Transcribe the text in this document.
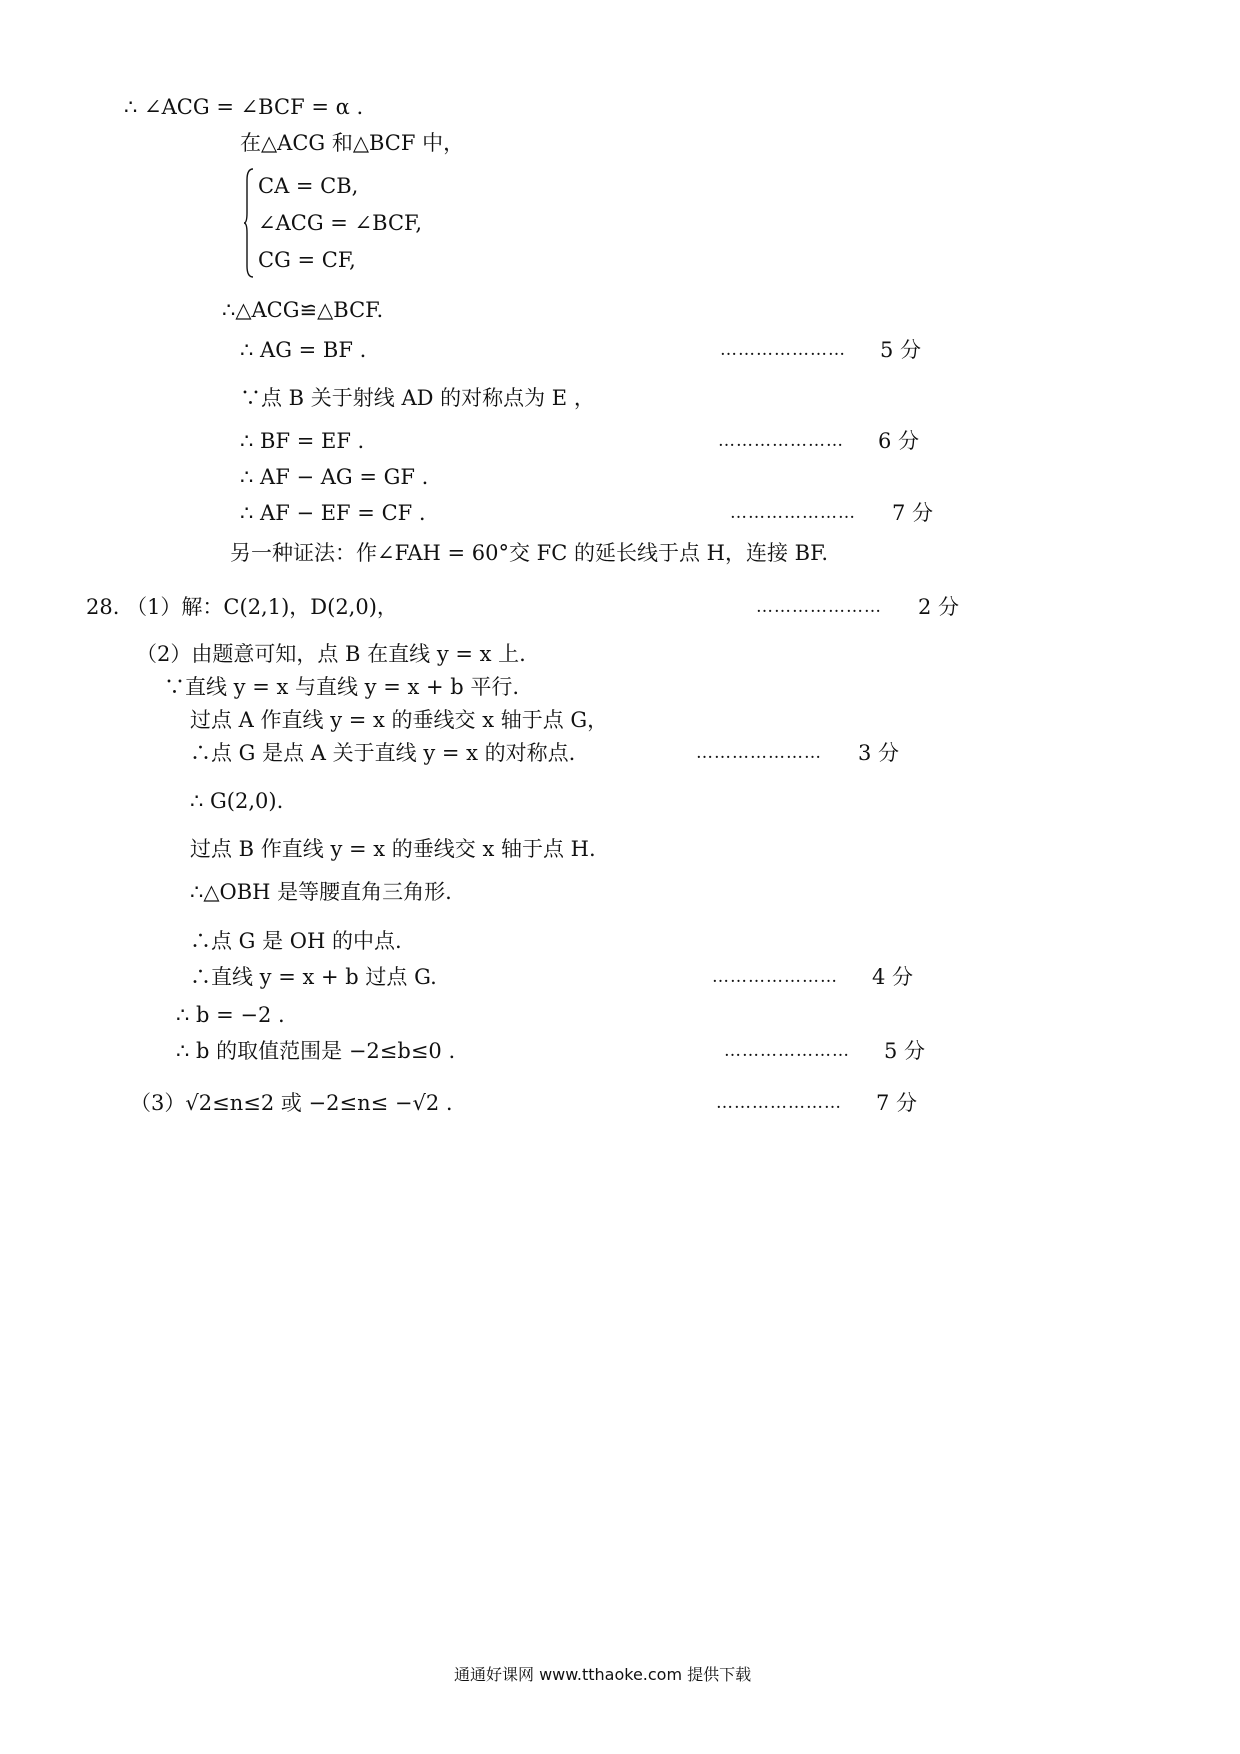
∴ ∠ACG = ∠BCF = α .
在△ACG 和△BCF 中，
CA = CB,
∠ACG = ∠BCF,
CG = CF,
∴△ACG≌△BCF.
∴ AG = BF .	………………… 5 分
∵点 B 关于射线 AD 的对称点为 E ，
∴ BF = EF .	………………… 6 分
∴ AF − AG = GF .
∴ AF − EF = CF .	………………… 7 分
另一种证法：作∠FAH = 60°交 FC 的延长线于点 H，连接 BF.
28. （1）解：C(2,1)，D(2,0)，	………………… 2 分
（2）由题意可知，点 B 在直线 y = x 上.
∵直线 y = x 与直线 y = x + b 平行.
过点 A 作直线 y = x 的垂线交 x 轴于点 G，
∴点 G 是点 A 关于直线 y = x 的对称点.	………………… 3 分
∴ G(2,0).
过点 B 作直线 y = x 的垂线交 x 轴于点 H.
∴△OBH 是等腰直角三角形.
∴点 G 是 OH 的中点.
∴直线 y = x + b 过点 G.	………………… 4 分
∴ b = −2 .
∴ b 的取值范围是 −2≤b≤0 .	………………… 5 分
（3）√2≤n≤2 或 −2≤n≤ −√2 .	………………… 7 分
通通好课网 www.tthaoke.com 提供下载
